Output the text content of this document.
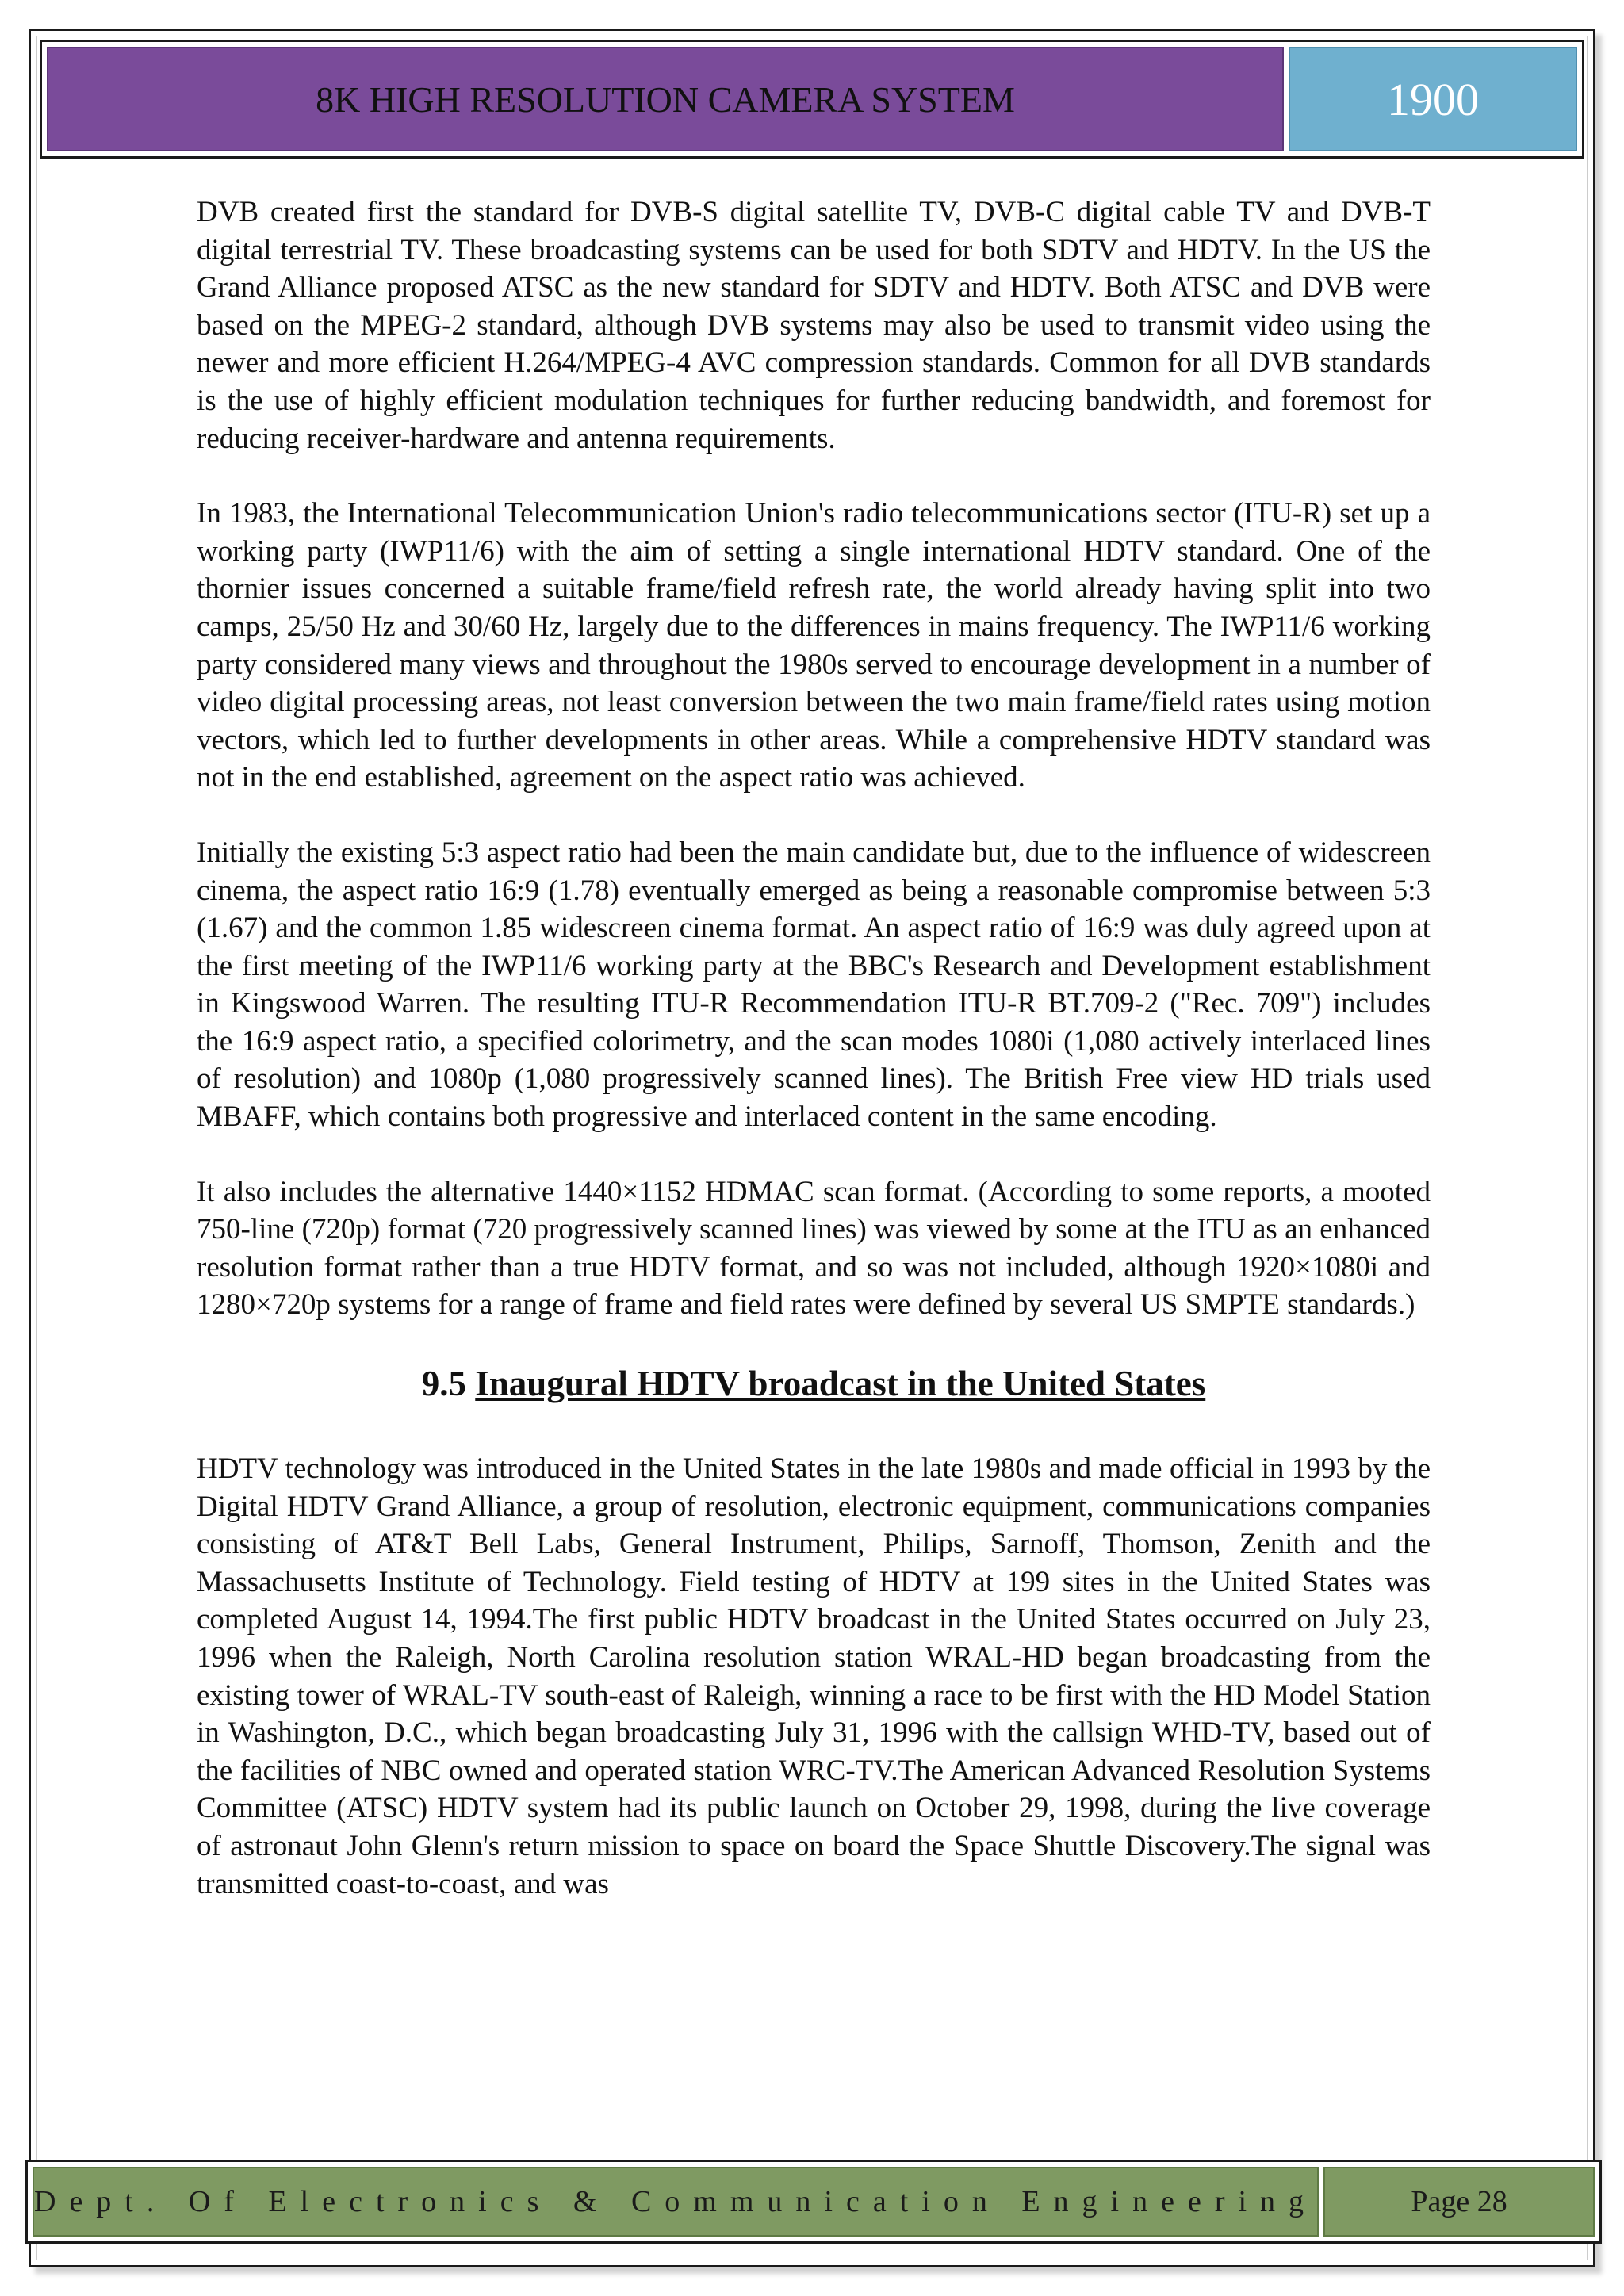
8K HIGH RESOLUTION CAMERA SYSTEM	1900

DVB created first the standard for DVB-S digital satellite TV, DVB-C digital cable TV and DVB-T digital terrestrial TV. These broadcasting systems can be used for both SDTV and HDTV. In the US the Grand Alliance proposed ATSC as the new standard for SDTV and HDTV. Both ATSC and DVB were based on the MPEG-2 standard, although DVB systems may also be used to transmit video using the newer and more efficient H.264/MPEG-4 AVC compression standards. Common for all DVB standards is the use of highly efficient modulation techniques for further reducing bandwidth, and foremost for reducing receiver-hardware and antenna requirements.

In 1983, the International Telecommunication Union's radio telecommunications sector (ITU-R) set up a working party (IWP11/6) with the aim of setting a single international HDTV standard. One of the thornier issues concerned a suitable frame/field refresh rate, the world already having split into two camps, 25/50 Hz and 30/60 Hz, largely due to the differences in mains frequency. The IWP11/6 working party considered many views and throughout the 1980s served to encourage development in a number of video digital processing areas, not least conversion between the two main frame/field rates using motion vectors, which led to further developments in other areas. While a comprehensive HDTV standard was not in the end established, agreement on the aspect ratio was achieved.

Initially the existing 5:3 aspect ratio had been the main candidate but, due to the influence of widescreen cinema, the aspect ratio 16:9 (1.78) eventually emerged as being a reasonable compromise between 5:3 (1.67) and the common 1.85 widescreen cinema format. An aspect ratio of 16:9 was duly agreed upon at the first meeting of the IWP11/6 working party at the BBC's Research and Development establishment in Kingswood Warren. The resulting ITU-R Recommendation ITU-R BT.709-2 ("Rec. 709") includes the 16:9 aspect ratio, a specified colorimetry, and the scan modes 1080i (1,080 actively interlaced lines of resolution) and 1080p (1,080 progressively scanned lines). The British Free view HD trials used MBAFF, which contains both progressive and interlaced content in the same encoding.

It also includes the alternative 1440×1152 HDMAC scan format. (According to some reports, a mooted 750-line (720p) format (720 progressively scanned lines) was viewed by some at the ITU as an enhanced resolution format rather than a true HDTV format, and so was not included, although 1920×1080i and 1280×720p systems for a range of frame and field rates were defined by several US SMPTE standards.)

9.5 Inaugural HDTV broadcast in the United States

HDTV technology was introduced in the United States in the late 1980s and made official in 1993 by the Digital HDTV Grand Alliance, a group of resolution, electronic equipment, communications companies consisting of AT&T Bell Labs, General Instrument, Philips, Sarnoff, Thomson, Zenith and the Massachusetts Institute of Technology. Field testing of HDTV at 199 sites in the United States was completed August 14, 1994.The first public HDTV broadcast in the United States occurred on July 23, 1996 when the Raleigh, North Carolina resolution station WRAL-HD began broadcasting from the existing tower of WRAL-TV south-east of Raleigh, winning a race to be first with the HD Model Station in Washington, D.C., which began broadcasting July 31, 1996 with the callsign WHD-TV, based out of the facilities of NBC owned and operated station WRC-TV.The American Advanced Resolution Systems Committee (ATSC) HDTV system had its public launch on October 29, 1998, during the live coverage of astronaut John Glenn's return mission to space on board the Space Shuttle Discovery.The signal was transmitted coast-to-coast, and was

Dept. Of Electronics & Communication Engineering	Page 28
